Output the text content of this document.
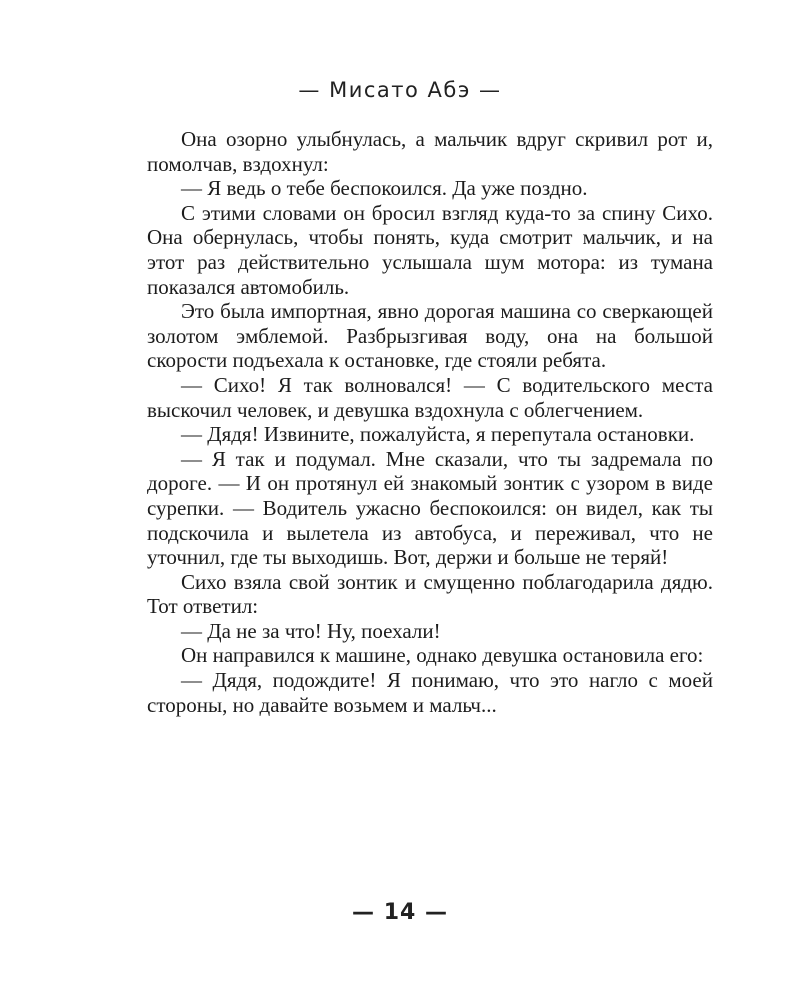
— Мисато Абэ —

Она озорно улыбнулась, а мальчик вдруг скривил рот и, помолчав, вздохнул:

— Я ведь о тебе беспокоился. Да уже поздно.

С этими словами он бросил взгляд куда-то за спину Сихо. Она обернулась, чтобы понять, куда смотрит мальчик, и на этот раз действительно услышала шум мотора: из тумана показался автомобиль.

Это была импортная, явно дорогая машина со сверкающей золотом эмблемой. Разбрызгивая воду, она на большой скорости подъехала к остановке, где стояли ребята.

— Сихо! Я так волновался! — С водительского места выскочил человек, и девушка вздохнула с облегчением.

— Дядя! Извините, пожалуйста, я перепутала остановки.

— Я так и подумал. Мне сказали, что ты задремала по дороге. — И он протянул ей знакомый зонтик с узором в виде сурепки. — Водитель ужасно беспокоился: он видел, как ты подскочила и вылетела из автобуса, и переживал, что не уточнил, где ты выходишь. Вот, держи и больше не теряй!

Сихо взяла свой зонтик и смущенно поблагодарила дядю. Тот ответил:

— Да не за что! Ну, поехали!

Он направился к машине, однако девушка остановила его:

— Дядя, подождите! Я понимаю, что это нагло с моей стороны, но давайте возьмем и мальч...

— 14 —
